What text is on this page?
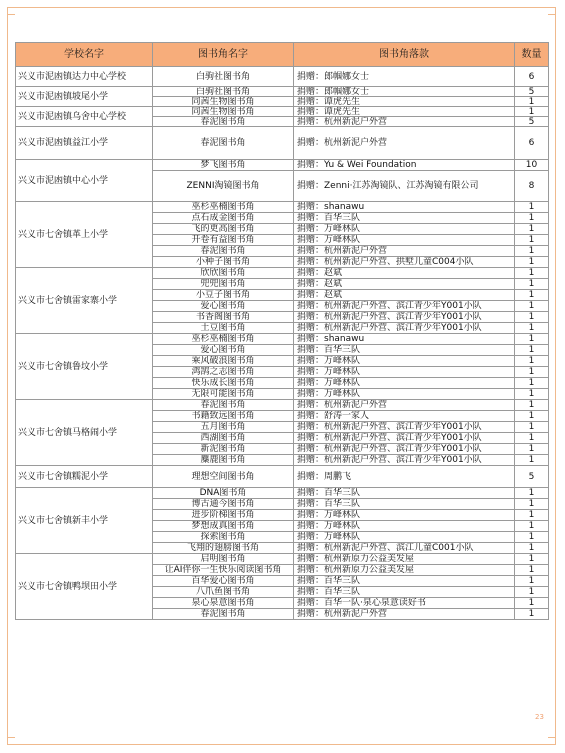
学校名字	图书角名字	图书角落款	数量
兴义市泥凼镇达力中心学校	白驹社图书角	捐赠：郎帼娜女士	6
兴义市泥凼镇坡尾小学	白驹社图书角	捐赠：郎帼娜女士	5
	同茜生物图书角	捐赠：谭虎先生	1
兴义市泥凼镇乌舍中心学校	同茜生物图书角	捐赠：谭虎先生	1
	春泥图书角	捐赠：杭州新泥户外营	5
兴义市泥凼镇益江小学	春泥图书角	捐赠：杭州新泥户外营	6
兴义市泥凼镇中心小学	梦飞图书角	捐赠：Yu & Wei Foundation	10
	ZENNI淘镜图书角	捐赠：Zenni·江苏淘镜队、江苏淘镜有限公司	8
兴义市七舍镇革上小学	巫杉巫楠图书角	捐赠：shanawu	1
	点石成金图书角	捐赠：百华三队	1
	飞的更高图书角	捐赠：万峰林队	1
	开卷有益图书角	捐赠：万峰林队	1
	春泥图书角	捐赠：杭州新泥户外营	1
	小种子图书角	捐赠：杭州新泥户外营、拱墅儿童C004小队	1
兴义市七舍镇雷家寨小学	欣欣图书角	捐赠：赵斌	1
	兜兜图书角	捐赠：赵斌	1
	小豆子图书角	捐赠：赵斌	1
	爱心图书角	捐赠：杭州新泥户外营、滨江青少年Y001小队	1
	书香阁图书角	捐赠：杭州新泥户外营、滨江青少年Y001小队	1
	土豆图书角	捐赠：杭州新泥户外营、滨江青少年Y001小队	1
兴义市七舍镇鲁坟小学	巫杉巫楠图书角	捐赠：shanawu	1
	爱心图书角	捐赠：百华三队	1
	乘风破浪图书角	捐赠：万峰林队	1
	鸿鹄之志图书角	捐赠：万峰林队	1
	快乐成长图书角	捐赠：万峰林队	1
	无限可能图书角	捐赠：万峰林队	1
兴义市七舍镇马格闹小学	春泥图书角	捐赠：杭州新泥户外营	1
	书籍致远图书角	捐赠：舒涛一家人	1
	五月图书角	捐赠：杭州新泥户外营、滨江青少年Y001小队	1
	西湖图书角	捐赠：杭州新泥户外营、滨江青少年Y001小队	1
	新泥图书角	捐赠：杭州新泥户外营、滨江青少年Y001小队	1
	麋鹿图书角	捐赠：杭州新泥户外营、滨江青少年Y001小队	1
兴义市七舍镇糯泥小学	理想空间图书角	捐赠：周鹏飞	5
兴义市七舍镇新丰小学	DNA图书角	捐赠：百华三队	1
	博古通今图书角	捐赠：百华三队	1
	进步阶梯图书角	捐赠：万峰林队	1
	梦想成真图书角	捐赠：万峰林队	1
	探索图书角	捐赠：万峰林队	1
	飞翔的翅膀图书角	捐赠：杭州新泥户外营、滨江儿童C001小队	1
兴义市七舍镇鸭坝田小学	启明图书角	捐赠：杭州新原力公益美发屋	1
	让AI伴你一生快乐阅读图书角	捐赠：杭州新原力公益美发屋	1
	百华爱心图书角	捐赠：百华三队	1
	八爪鱼图书角	捐赠：百华三队	1
	泉心泉意图书角	捐赠：百华一队·泉心泉意读好书	1
	春泥图书角	捐赠：杭州新泥户外营	1
23
